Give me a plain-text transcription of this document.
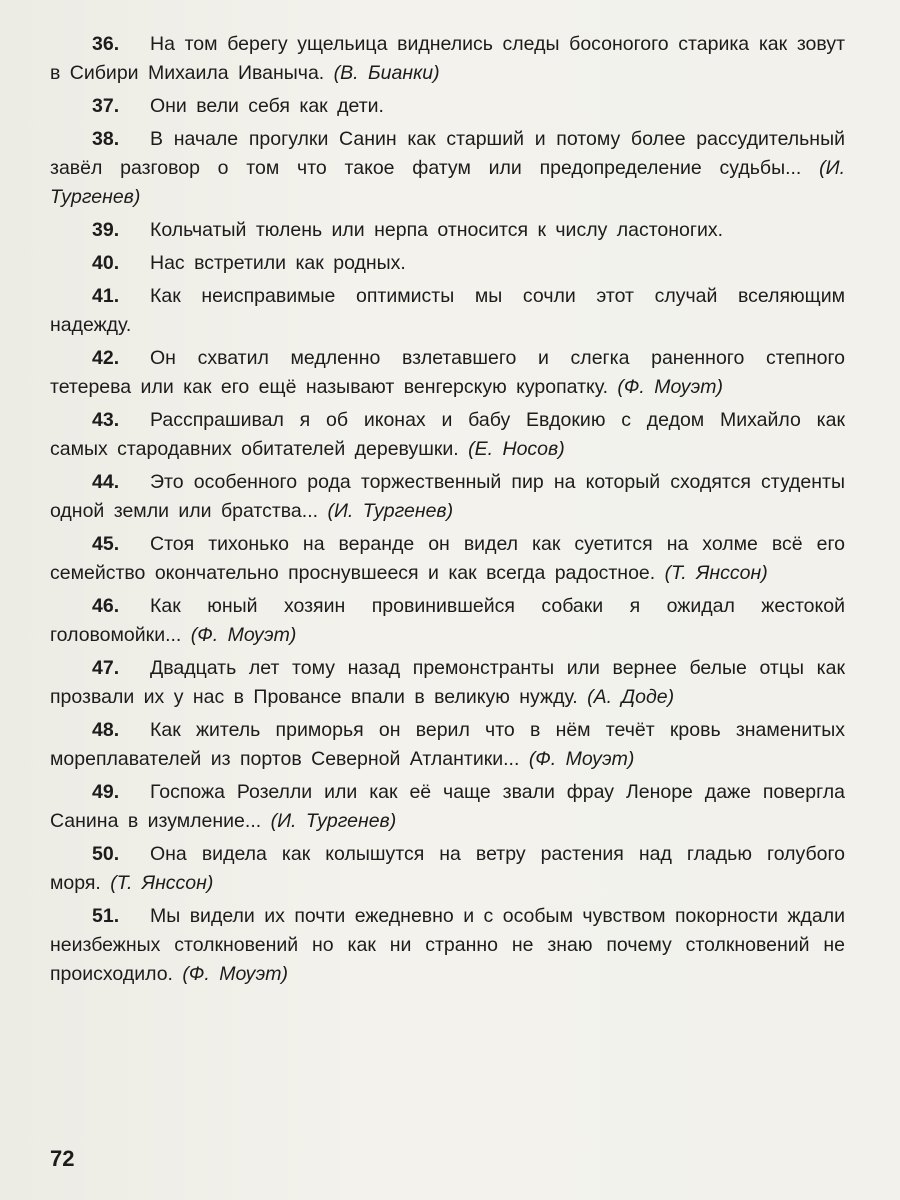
36. На том берегу ущельица виднелись следы босоногого старика как зовут в Сибири Михаила Иваныча. (В. Бианки)

37. Они вели себя как дети.

38. В начале прогулки Санин как старший и потому более рассудительный завёл разговор о том что такое фатум или предопределение судьбы... (И. Тургенев)

39. Кольчатый тюлень или нерпа относится к числу ластоногих.

40. Нас встретили как родных.

41. Как неисправимые оптимисты мы сочли этот случай вселяющим надежду.

42. Он схватил медленно взлетавшего и слегка раненного степного тетерева или как его ещё называют венгерскую куропатку. (Ф. Моуэт)

43. Расспрашивал я об иконах и бабу Евдокию с дедом Михайло как самых стародавних обитателей деревушки. (Е. Носов)

44. Это особенного рода торжественный пир на который сходятся студенты одной земли или братства... (И. Тургенев)

45. Стоя тихонько на веранде он видел как суетится на холме всё его семейство окончательно проснувшееся и как всегда радостное. (Т. Янссон)

46. Как юный хозяин провинившейся собаки я ожидал жестокой головомойки... (Ф. Моуэт)

47. Двадцать лет тому назад премонстранты или вернее белые отцы как прозвали их у нас в Провансе впали в великую нужду. (А. Доде)

48. Как житель приморья он верил что в нём течёт кровь знаменитых мореплавателей из портов Северной Атлантики... (Ф. Моуэт)

49. Госпожа Розелли или как её чаще звали фрау Леноре даже повергла Санина в изумление... (И. Тургенев)

50. Она видела как колышутся на ветру растения над гладью голубого моря. (Т. Янссон)

51. Мы видели их почти ежедневно и с особым чувством покорности ждали неизбежных столкновений но как ни странно не знаю почему столкновений не происходило. (Ф. Моуэт)

72
